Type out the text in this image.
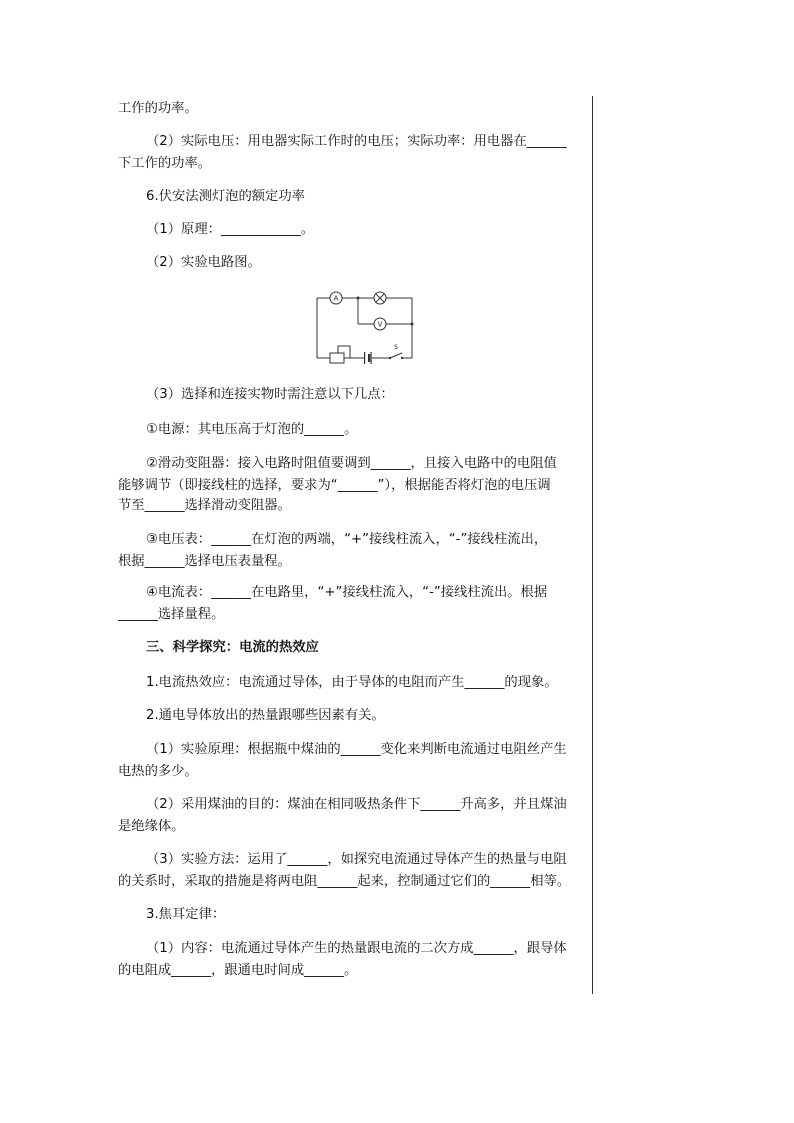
工作的功率。
（2）实际电压：用电器实际工作时的电压；实际功率：用电器在______
下工作的功率。
6.伏安法测灯泡的额定功率
（1）原理：____________。
（2）实验电路图。
A
V
S
（3）选择和连接实物时需注意以下几点：
①电源：其电压高于灯泡的______。
②滑动变阻器：接入电路时阻值要调到______，且接入电路中的电阻值
能够调节（即接线柱的选择，要求为“______”），根据能否将灯泡的电压调
节至______选择滑动变阻器。
③电压表：______在灯泡的两端，“+”接线柱流入，“-”接线柱流出，
根据______选择电压表量程。
④电流表：______在电路里，“+”接线柱流入，“-”接线柱流出。根据
______选择量程。
三、科学探究：电流的热效应
1.电流热效应：电流通过导体，由于导体的电阻而产生______的现象。
2.通电导体放出的热量跟哪些因素有关。
（1）实验原理：根据瓶中煤油的______变化来判断电流通过电阻丝产生
电热的多少。
（2）采用煤油的目的：煤油在相同吸热条件下______升高多，并且煤油
是绝缘体。
（3）实验方法：运用了______，如探究电流通过导体产生的热量与电阻
的关系时，采取的措施是将两电阻______起来，控制通过它们的______相等。
3.焦耳定律：
（1）内容：电流通过导体产生的热量跟电流的二次方成______，跟导体
的电阻成______，跟通电时间成______。
